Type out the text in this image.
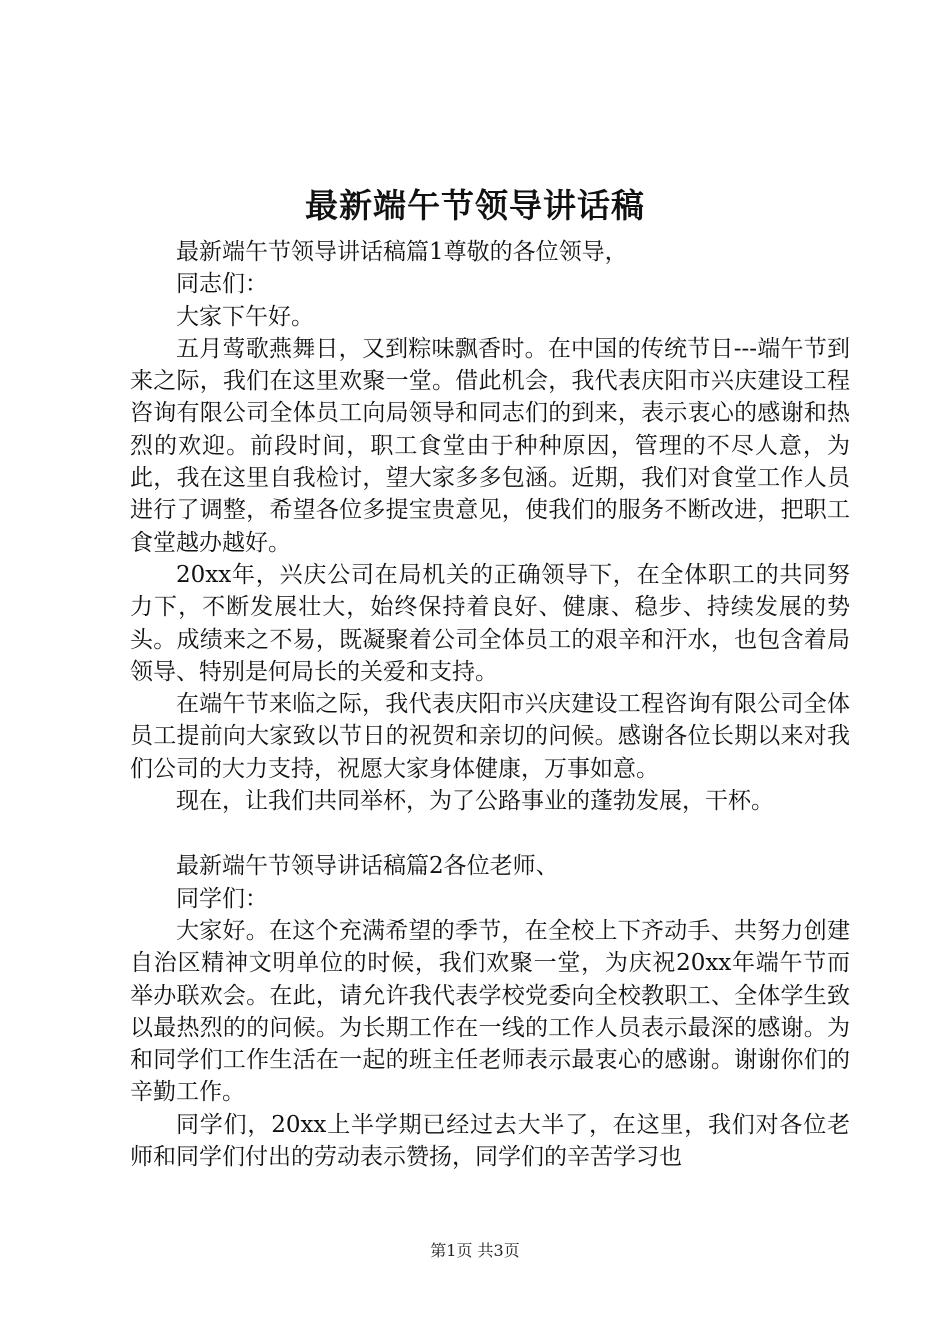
最新端午节领导讲话稿

最新端午节领导讲话稿篇1尊敬的各位领导，

同志们：

大家下午好。

五月莺歌燕舞日，又到粽味飘香时。在中国的传统节日---端午节到来之际，我们在这里欢聚一堂。借此机会，我代表庆阳市兴庆建设工程咨询有限公司全体员工向局领导和同志们的到来，表示衷心的感谢和热烈的欢迎。前段时间，职工食堂由于种种原因，管理的不尽人意，为此，我在这里自我检讨，望大家多多包涵。近期，我们对食堂工作人员进行了调整，希望各位多提宝贵意见，使我们的服务不断改进，把职工食堂越办越好。

20xx年，兴庆公司在局机关的正确领导下，在全体职工的共同努力下，不断发展壮大，始终保持着良好、健康、稳步、持续发展的势头。成绩来之不易，既凝聚着公司全体员工的艰辛和汗水，也包含着局领导、特别是何局长的关爱和支持。

在端午节来临之际，我代表庆阳市兴庆建设工程咨询有限公司全体员工提前向大家致以节日的祝贺和亲切的问候。感谢各位长期以来对我们公司的大力支持，祝愿大家身体健康，万事如意。

现在，让我们共同举杯，为了公路事业的蓬勃发展，干杯。

最新端午节领导讲话稿篇2各位老师、

同学们：

大家好。在这个充满希望的季节，在全校上下齐动手、共努力创建自治区精神文明单位的时候，我们欢聚一堂，为庆祝20xx年端午节而举办联欢会。在此，请允许我代表学校党委向全校教职工、全体学生致以最热烈的的问候。为长期工作在一线的工作人员表示最深的感谢。为和同学们工作生活在一起的班主任老师表示最衷心的感谢。谢谢你们的辛勤工作。

同学们，20xx上半学期已经过去大半了，在这里，我们对各位老师和同学们付出的劳动表示赞扬，同学们的辛苦学习也

第1页 共3页
